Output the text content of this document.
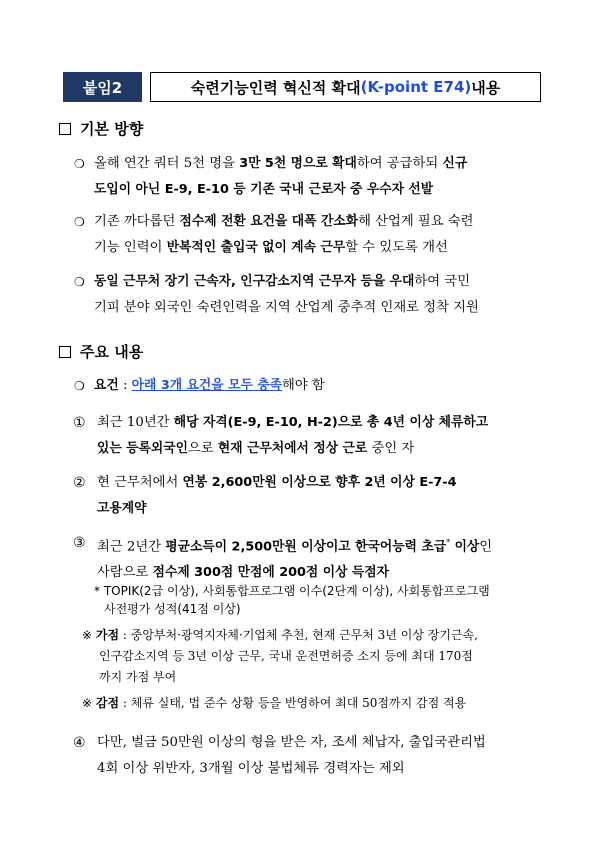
붙임2	숙련기능인력 혁신적 확대 (K-point E74) 내용
기본 방향
❍ 올해 연간 쿼터 5천 명을 3만 5천 명으로 확대하여 공급하되 신규
도입이 아닌 E-9, E-10 등 기존 국내 근로자 중 우수자 선발
❍ 기존 까다롭던 점수제 전환 요건을 대폭 간소화해 산업계 필요 숙련
기능 인력이 반복적인 출입국 없이 계속 근무할 수 있도록 개선
❍ 동일 근무처 장기 근속자, 인구감소지역 근무자 등을 우대하여 국민
기피 분야 외국인 숙련인력을 지역 산업계 중추적 인재로 정착 지원
주요 내용
❍ 요건 : 아래 3개 요건을 모두 충족해야 함
① 최근 10년간 해당 자격(E-9, E-10, H-2)으로 총 4년 이상 체류하고
있는 등록외국인으로 현재 근무처에서 정상 근로 중인 자
② 현 근무처에서 연봉 2,600만원 이상으로 향후 2년 이상 E-7-4
고용계약
③ 최근 2년간 평균소득이 2,500만원 이상이고 한국어능력 초급* 이상인
사람으로 점수제 300점 만점에 200점 이상 득점자
* TOPIK(2급 이상), 사회통합프로그램 이수(2단계 이상), 사회통합프로그램
사전평가 성적(41점 이상)
※ 가점 : 중앙부처·광역지자체·기업체 추천, 현재 근무처 3년 이상 장기근속,
인구감소지역 등 3년 이상 근무, 국내 운전면허증 소지 등에 최대 170점
까지 가점 부여
※ 감점 : 체류 실태, 법 준수 상황 등을 반영하여 최대 50점까지 감점 적용
④ 다만, 벌금 50만원 이상의 형을 받은 자, 조세 체납자, 출입국관리법
4회 이상 위반자, 3개월 이상 불법체류 경력자는 제외
